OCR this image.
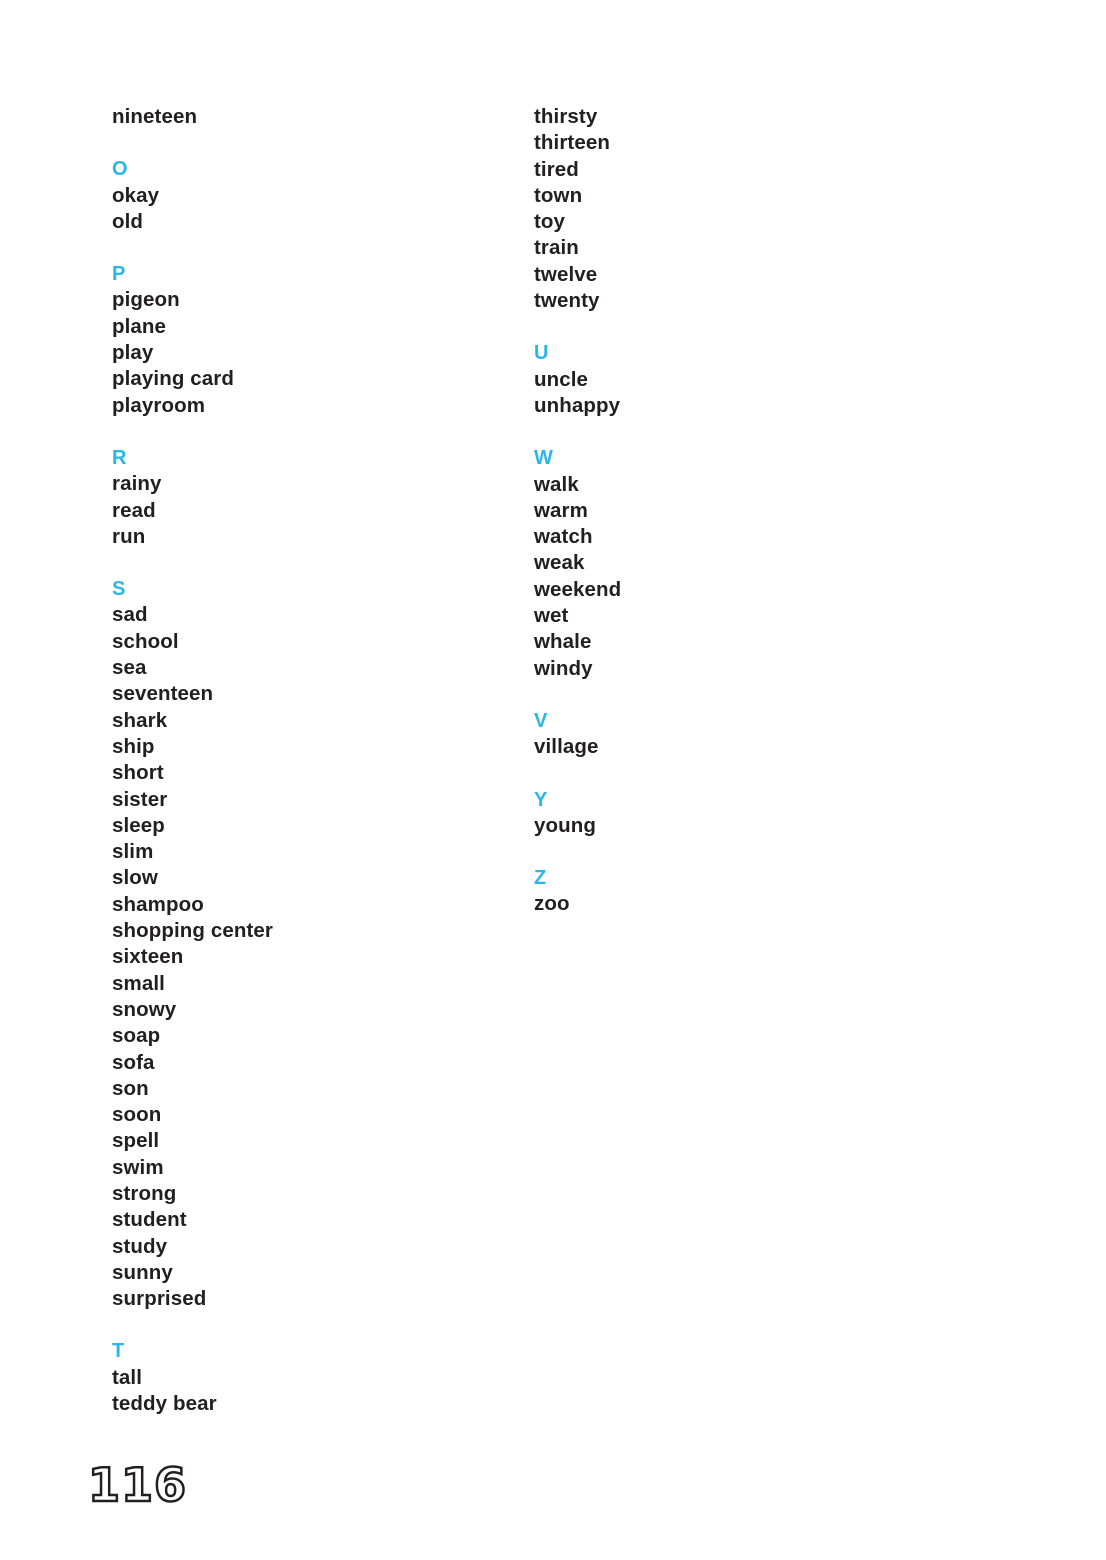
nineteen
O
okay
old
P
pigeon
plane
play
playing card
playroom
R
rainy
read
run
S
sad
school
sea
seventeen
shark
ship
short
sister
sleep
slim
slow
shampoo
shopping center
sixteen
small
snowy
soap
sofa
son
soon
spell
swim
strong
student
study
sunny
surprised
T
tall
teddy bear
thirsty
thirteen
tired
town
toy
train
twelve
twenty
U
uncle
unhappy
W
walk
warm
watch
weak
weekend
wet
whale
windy
V
village
Y
young
Z
zoo
116
